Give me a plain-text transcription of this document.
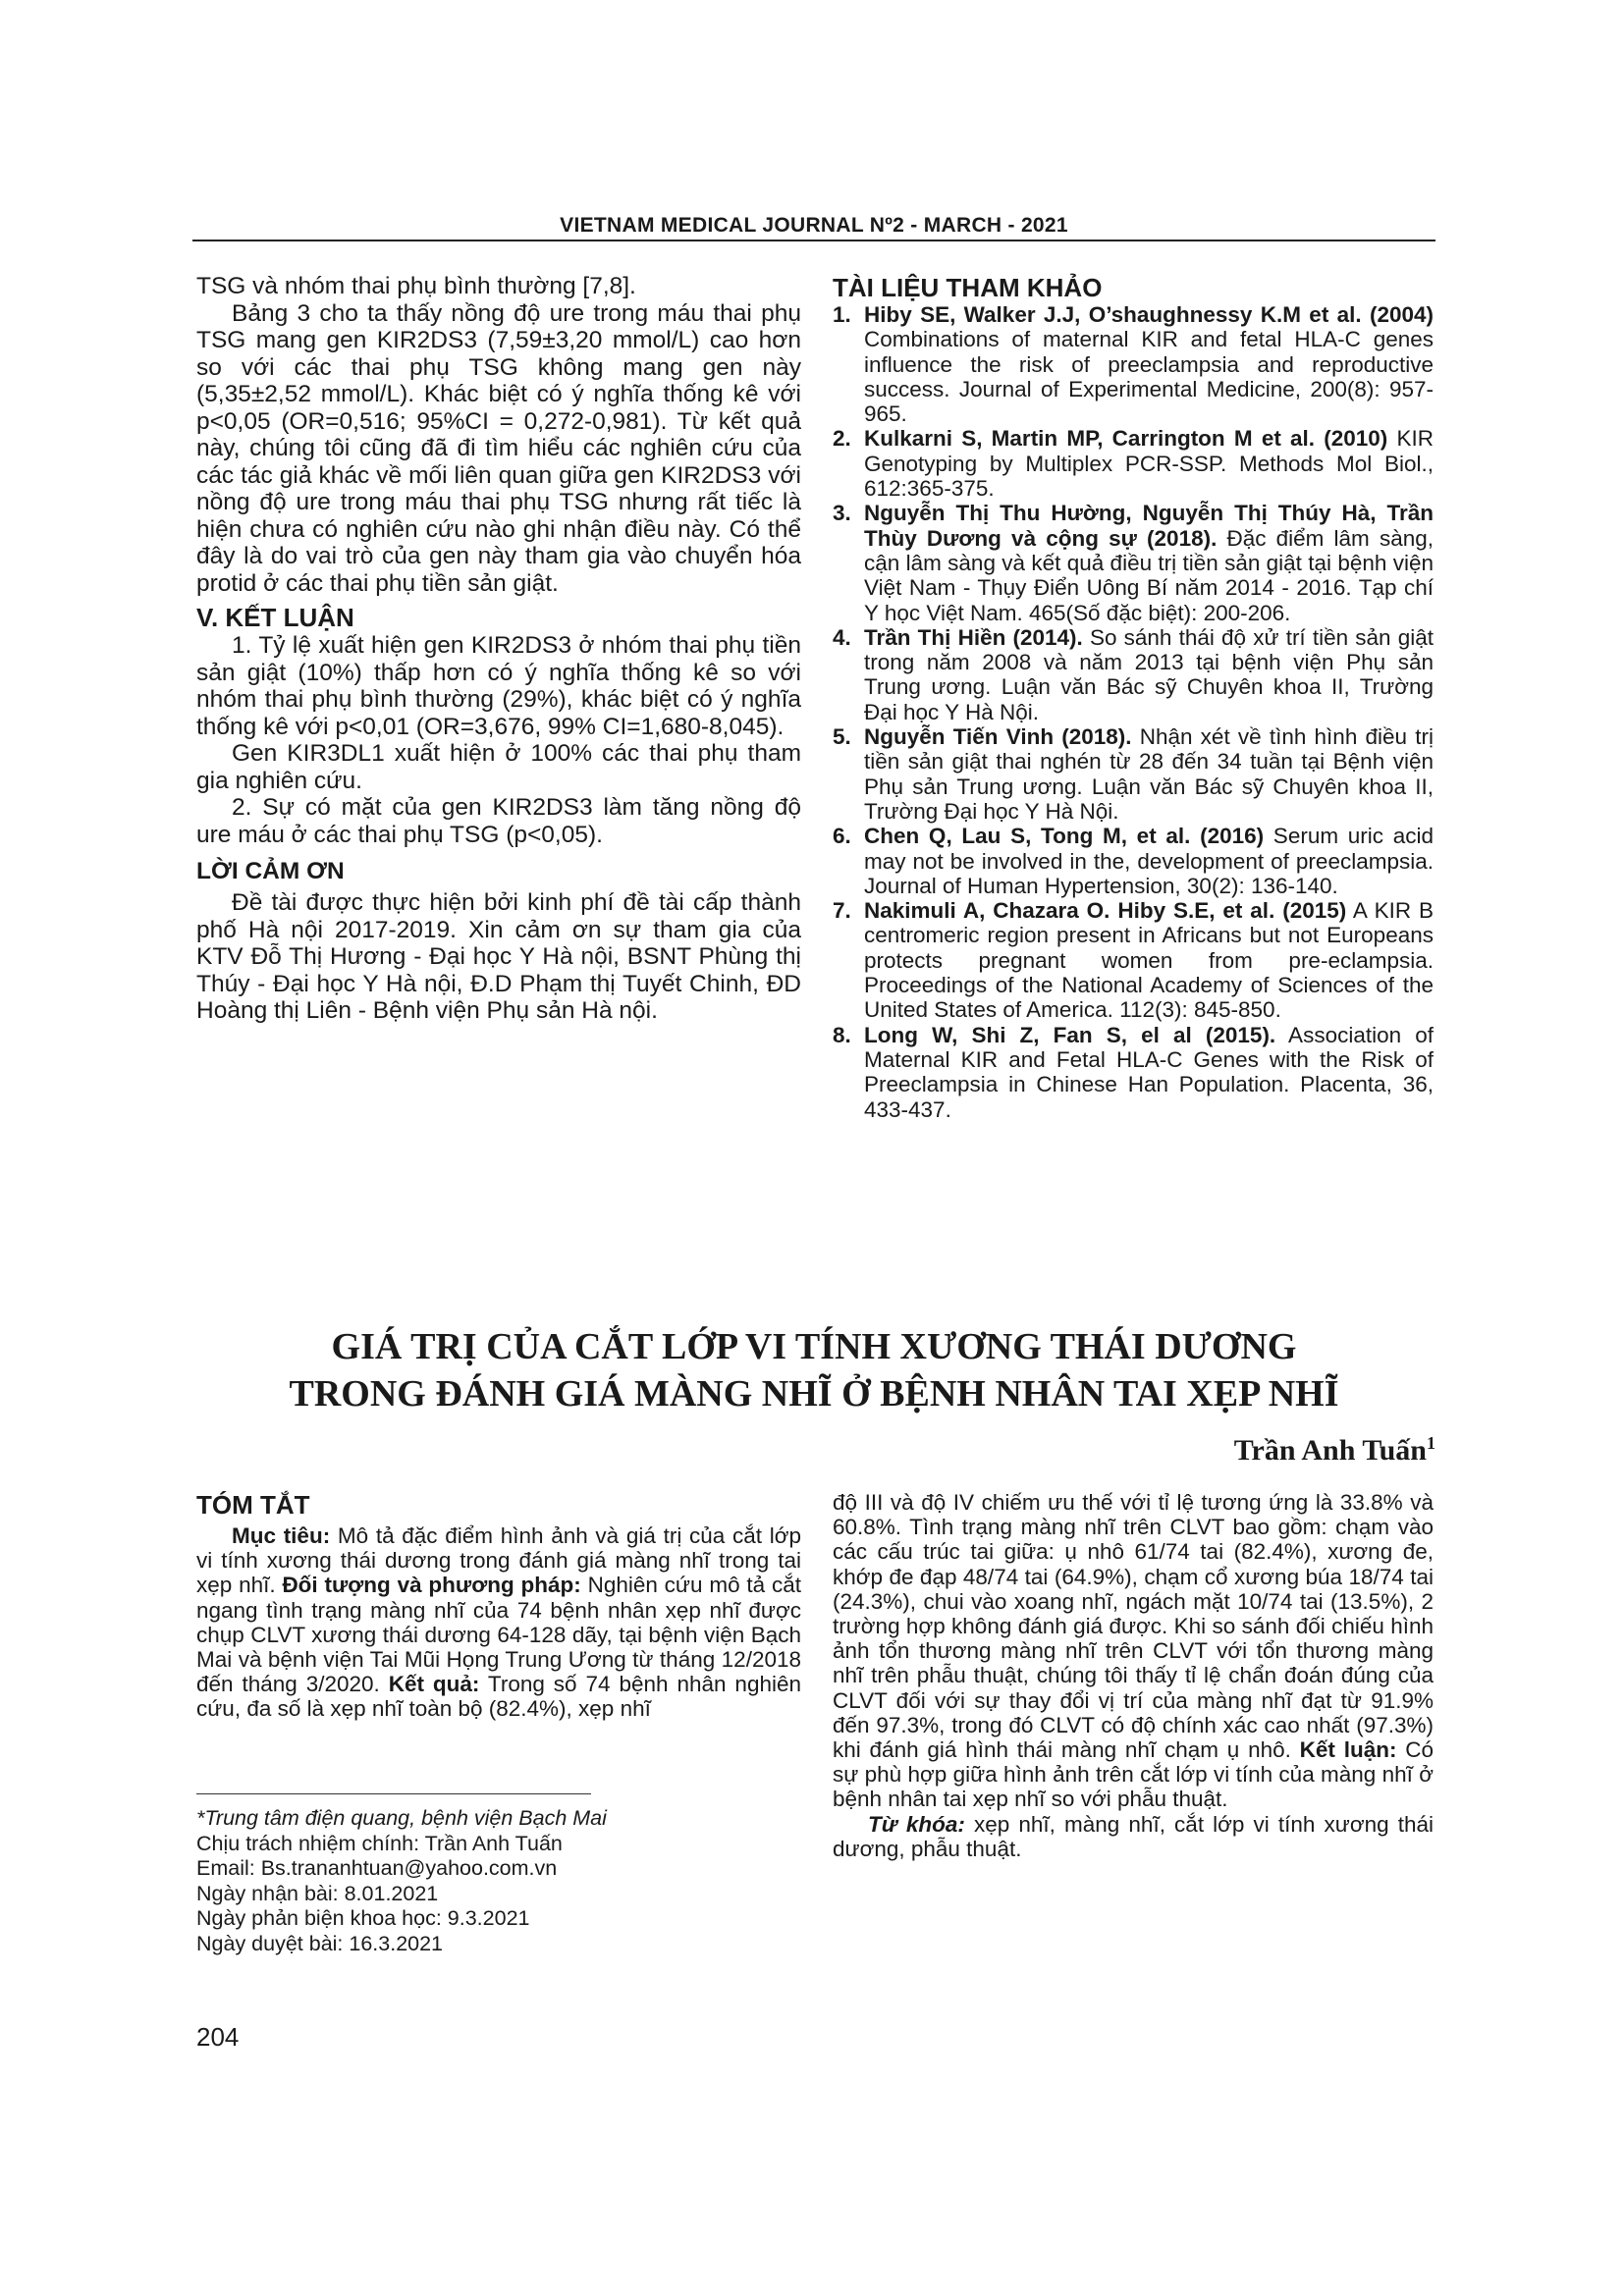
VIETNAM MEDICAL JOURNAL Nº2 - MARCH - 2021

TSG và nhóm thai phụ bình thường [7,8].

Bảng 3 cho ta thấy nồng độ ure trong máu thai phụ TSG mang gen KIR2DS3 (7,59±3,20 mmol/L) cao hơn so với các thai phụ TSG không mang gen này (5,35±2,52 mmol/L). Khác biệt có ý nghĩa thống kê với p<0,05 (OR=0,516; 95%CI = 0,272-0,981). Từ kết quả này, chúng tôi cũng đã đi tìm hiểu các nghiên cứu của các tác giả khác về mối liên quan giữa gen KIR2DS3 với nồng độ ure trong máu thai phụ TSG nhưng rất tiếc là hiện chưa có nghiên cứu nào ghi nhận điều này. Có thể đây là do vai trò của gen này tham gia vào chuyển hóa protid ở các thai phụ tiền sản giật.

V. KẾT LUẬN

1. Tỷ lệ xuất hiện gen KIR2DS3 ở nhóm thai phụ tiền sản giật (10%) thấp hơn có ý nghĩa thống kê so với nhóm thai phụ bình thường (29%), khác biệt có ý nghĩa thống kê với p<0,01 (OR=3,676, 99% CI=1,680-8,045).

Gen KIR3DL1 xuất hiện ở 100% các thai phụ tham gia nghiên cứu.

2. Sự có mặt của gen KIR2DS3 làm tăng nồng độ ure máu ở các thai phụ TSG (p<0,05).

LỜI CẢM ƠN

Đề tài được thực hiện bởi kinh phí đề tài cấp thành phố Hà nội 2017-2019. Xin cảm ơn sự tham gia của KTV Đỗ Thị Hương - Đại học Y Hà nội, BSNT Phùng thị Thúy - Đại học Y Hà nội, Đ.D Phạm thị Tuyết Chinh, ĐD Hoàng thị Liên - Bệnh viện Phụ sản Hà nội.

TÀI LIỆU THAM KHẢO
1. Hiby SE, Walker J.J, O’shaughnessy K.M et al. (2004) Combinations of maternal KIR and fetal HLA-C genes influence the risk of preeclampsia and reproductive success. Journal of Experimental Medicine, 200(8): 957-965.
2. Kulkarni S, Martin MP, Carrington M et al. (2010) KIR Genotyping by Multiplex PCR-SSP. Methods Mol Biol., 612:365-375.
3. Nguyễn Thị Thu Hường, Nguyễn Thị Thúy Hà, Trần Thùy Dương và cộng sự (2018). Đặc điểm lâm sàng, cận lâm sàng và kết quả điều trị tiền sản giật tại bệnh viện Việt Nam - Thụy Điển Uông Bí năm 2014 - 2016. Tạp chí Y học Việt Nam. 465(Số đặc biệt): 200-206.
4. Trần Thị Hiền (2014). So sánh thái độ xử trí tiền sản giật trong năm 2008 và năm 2013 tại bệnh viện Phụ sản Trung ương. Luận văn Bác sỹ Chuyên khoa II, Trường Đại học Y Hà Nội.
5. Nguyễn Tiến Vinh (2018). Nhận xét về tình hình điều trị tiền sản giật thai nghén từ 28 đến 34 tuần tại Bệnh viện Phụ sản Trung ương. Luận văn Bác sỹ Chuyên khoa II, Trường Đại học Y Hà Nội.
6. Chen Q, Lau S, Tong M, et al. (2016) Serum uric acid may not be involved in the, development of preeclampsia. Journal of Human Hypertension, 30(2): 136-140.
7. Nakimuli A, Chazara O. Hiby S.E, et al. (2015) A KIR B centromeric region present in Africans but not Europeans protects pregnant women from pre-eclampsia. Proceedings of the National Academy of Sciences of the United States of America. 112(3): 845-850.
8. Long W, Shi Z, Fan S, el al (2015). Association of Maternal KIR and Fetal HLA-C Genes with the Risk of Preeclampsia in Chinese Han Population. Placenta, 36, 433-437.
GIÁ TRỊ CỦA CẮT LỚP VI TÍNH XƯƠNG THÁI DƯƠNG
TRONG ĐÁNH GIÁ MÀNG NHĨ Ở BỆNH NHÂN TAI XẸP NHĨ
Trần Anh Tuấn$^1$
TÓM TẮT

Mục tiêu: Mô tả đặc điểm hình ảnh và giá trị của cắt lớp vi tính xương thái dương trong đánh giá màng nhĩ trong tai xẹp nhĩ. Đối tượng và phương pháp: Nghiên cứu mô tả cắt ngang tình trạng màng nhĩ của 74 bệnh nhân xẹp nhĩ được chụp CLVT xương thái dương 64-128 dãy, tại bệnh viện Bạch Mai và bệnh viện Tai Mũi Họng Trung Ương từ tháng 12/2018 đến tháng 3/2020. Kết quả: Trong số 74 bệnh nhân nghiên cứu, đa số là xẹp nhĩ toàn bộ (82.4%), xẹp nhĩ

độ III và độ IV chiếm ưu thế với tỉ lệ tương ứng là 33.8% và 60.8%. Tình trạng màng nhĩ trên CLVT bao gồm: chạm vào các cấu trúc tai giữa: ụ nhô 61/74 tai (82.4%), xương đe, khớp đe đạp 48/74 tai (64.9%), chạm cổ xương búa 18/74 tai (24.3%), chui vào xoang nhĩ, ngách mặt 10/74 tai (13.5%), 2 trường hợp không đánh giá được. Khi so sánh đối chiếu hình ảnh tổn thương màng nhĩ trên CLVT với tổn thương màng nhĩ trên phẫu thuật, chúng tôi thấy tỉ lệ chẩn đoán đúng của CLVT đối với sự thay đổi vị trí của màng nhĩ đạt từ 91.9% đến 97.3%, trong đó CLVT có độ chính xác cao nhất (97.3%) khi đánh giá hình thái màng nhĩ chạm ụ nhô. Kết luận: Có sự phù hợp giữa hình ảnh trên cắt lớp vi tính của màng nhĩ ở bệnh nhân tai xẹp nhĩ so với phẫu thuật.

Từ khóa: xẹp nhĩ, màng nhĩ, cắt lớp vi tính xương thái dương, phẫu thuật.

*Trung tâm điện quang, bệnh viện Bạch Mai
Chịu trách nhiệm chính: Trần Anh Tuấn
Email: Bs.trananhtuan@yahoo.com.vn
Ngày nhận bài: 8.01.2021
Ngày phản biện khoa học: 9.3.2021
Ngày duyệt bài: 16.3.2021
204
